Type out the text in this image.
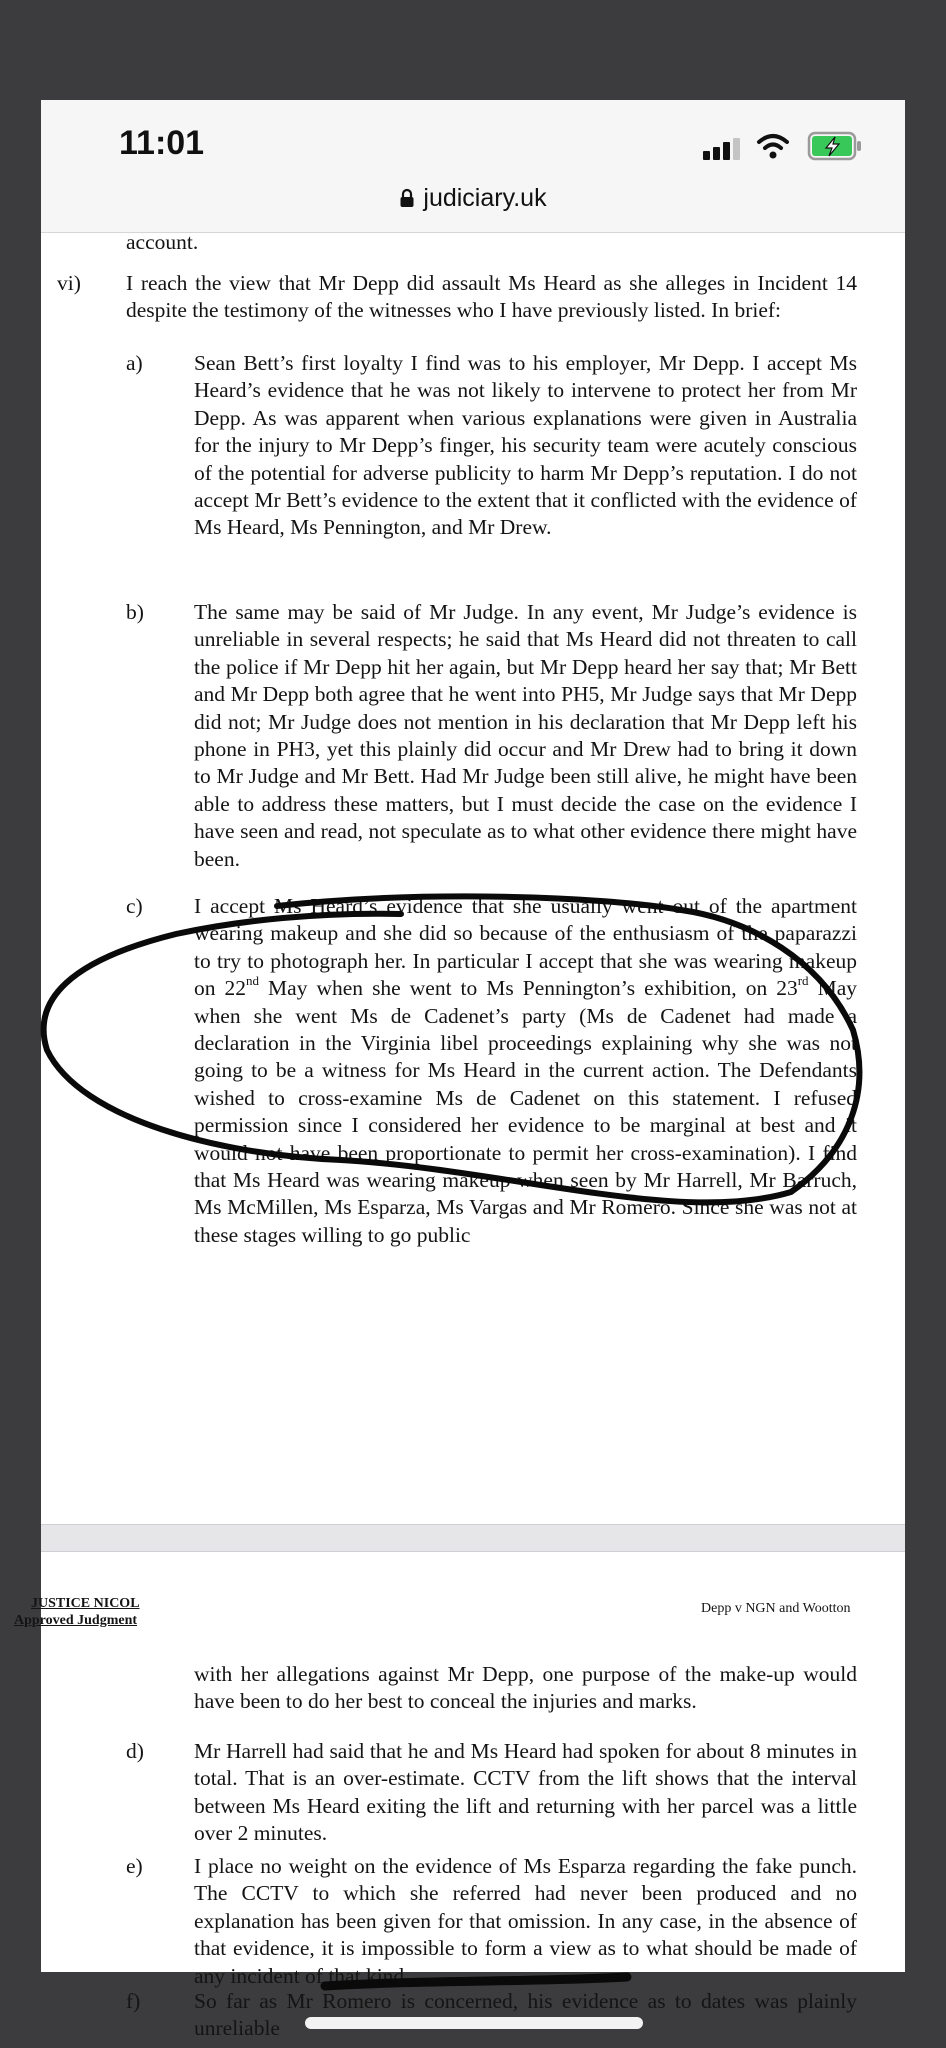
11:01
judiciary.uk
account.
vi) I reach the view that Mr Depp did assault Ms Heard as she alleges in Incident 14 despite the testimony of the witnesses who I have previously listed. In brief:
a) Sean Bett’s first loyalty I find was to his employer, Mr Depp. I accept Ms Heard’s evidence that he was not likely to intervene to protect her from Mr Depp. As was apparent when various explanations were given in Australia for the injury to Mr Depp’s finger, his security team were acutely conscious of the potential for adverse publicity to harm Mr Depp’s reputation. I do not accept Mr Bett’s evidence to the extent that it conflicted with the evidence of Ms Heard, Ms Pennington, and Mr Drew.
b) The same may be said of Mr Judge. In any event, Mr Judge’s evidence is unreliable in several respects; he said that Ms Heard did not threaten to call the police if Mr Depp hit her again, but Mr Depp heard her say that; Mr Bett and Mr Depp both agree that he went into PH5, Mr Judge says that Mr Depp did not; Mr Judge does not mention in his declaration that Mr Depp left his phone in PH3, yet this plainly did occur and Mr Drew had to bring it down to Mr Judge and Mr Bett. Had Mr Judge been still alive, he might have been able to address these matters, but I must decide the case on the evidence I have seen and read, not speculate as to what other evidence there might have been.
c) I accept Ms Heard’s evidence that she usually went out of the apartment wearing makeup and she did so because of the enthusiasm of the paparazzi to try to photograph her. In particular I accept that she was wearing makeup on 22nd May when she went to Ms Pennington’s exhibition, on 23rd May when she went Ms de Cadenet’s party (Ms de Cadenet had made a declaration in the Virginia libel proceedings explaining why she was not going to be a witness for Ms Heard in the current action. The Defendants wished to cross-examine Ms de Cadenet on this statement. I refused permission since I considered her evidence to be marginal at best and it would not have been proportionate to permit her cross-examination). I find that Ms Heard was wearing makeup when seen by Mr Harrell, Mr Barruch, Ms McMillen, Ms Esparza, Ms Vargas and Mr Romero. Since she was not at these stages willing to go public
JUSTICE NICOL
Approved Judgment
Depp v NGN and Wootton
with her allegations against Mr Depp, one purpose of the make-up would have been to do her best to conceal the injuries and marks.
d) Mr Harrell had said that he and Ms Heard had spoken for about 8 minutes in total. That is an over-estimate. CCTV from the lift shows that the interval between Ms Heard exiting the lift and returning with her parcel was a little over 2 minutes.
e) I place no weight on the evidence of Ms Esparza regarding the fake punch. The CCTV to which she referred had never been produced and no explanation has been given for that omission. In any case, in the absence of that evidence, it is impossible to form a view as to what should be made of any incident of that kind.
f) So far as Mr Romero is concerned, his evidence as to dates was plainly unreliable
